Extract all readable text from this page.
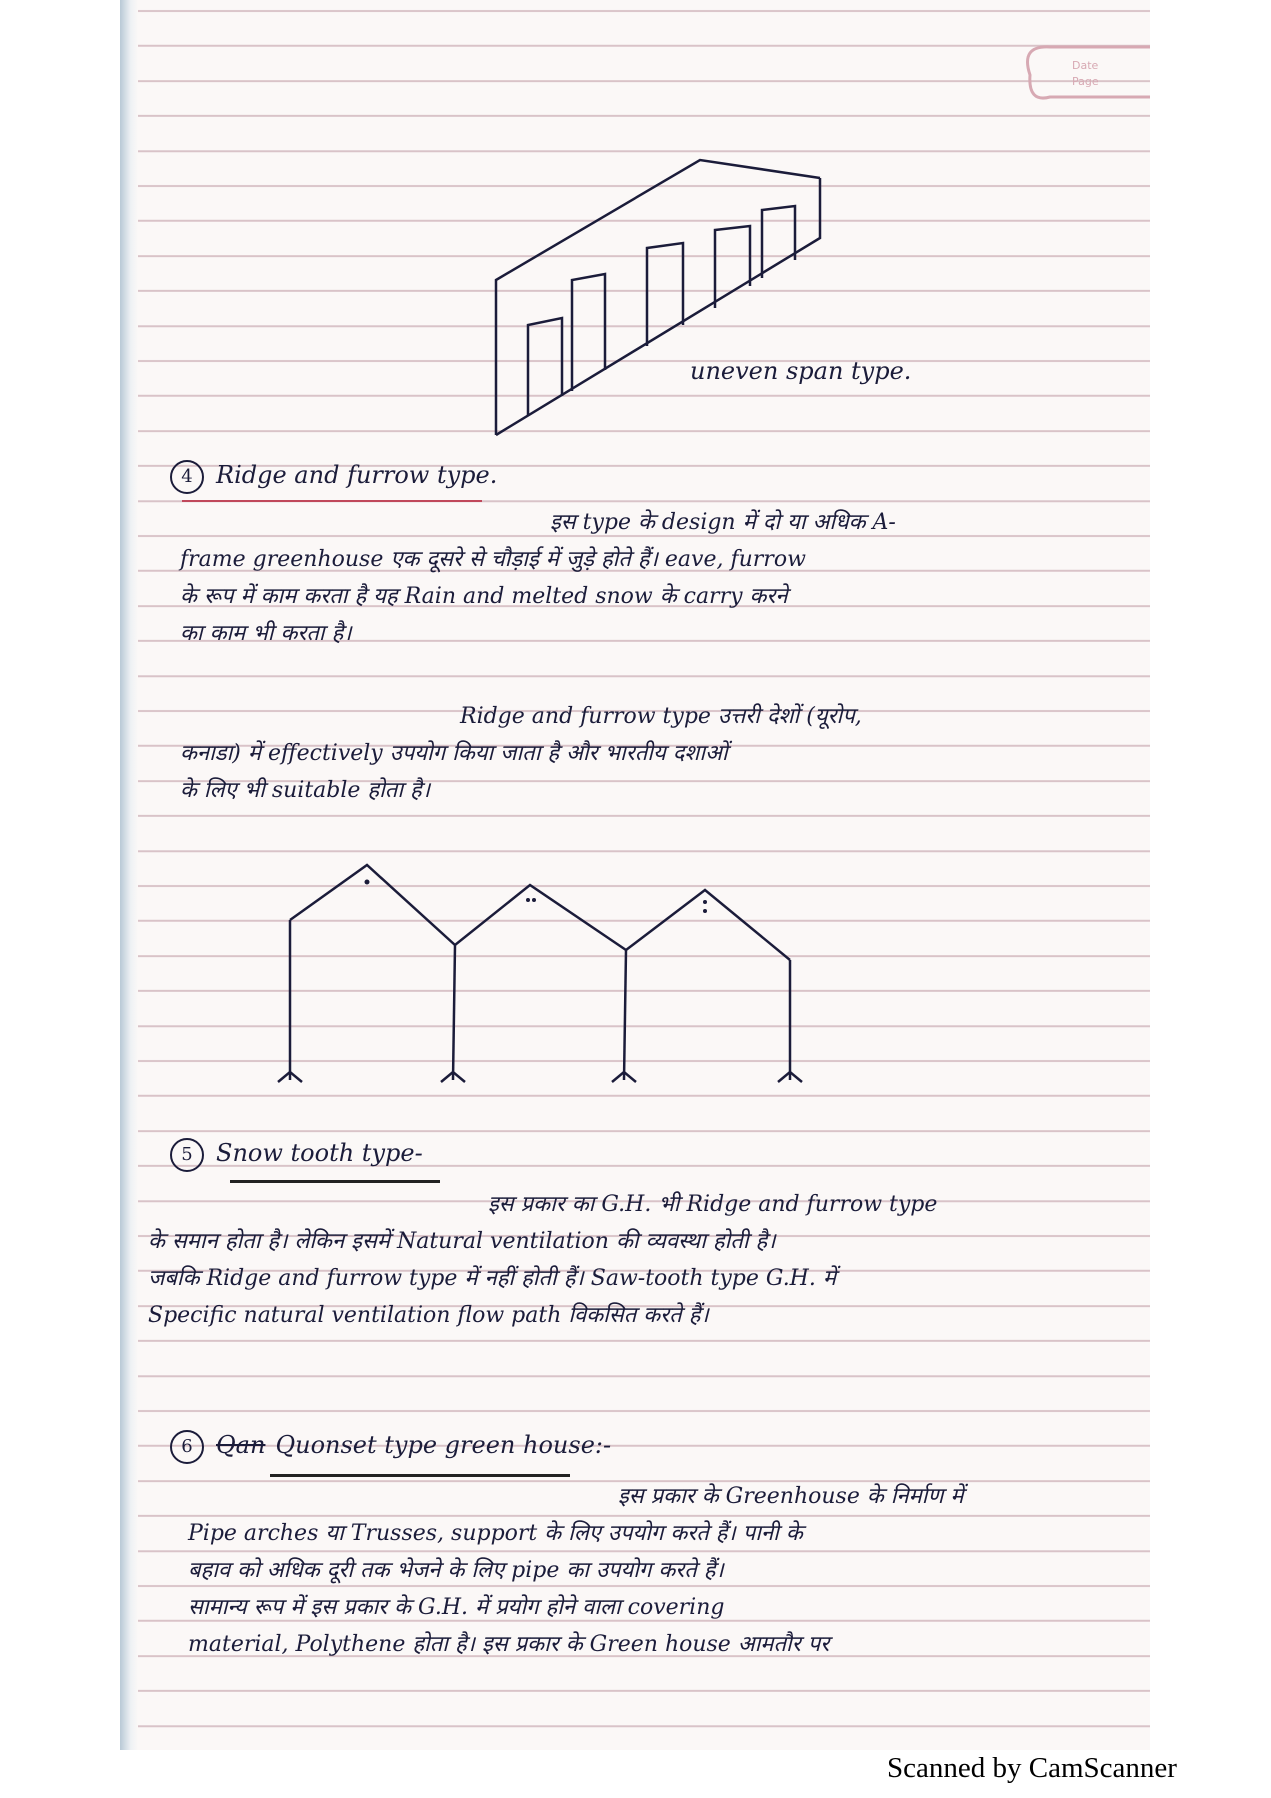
Date
Page
uneven span type.
4 Ridge and furrow type.
इस type के design में दो या अधिक A-
frame greenhouse एक दूसरे से चौड़ाई में जुड़े होते हैं। eave, furrow
के रूप में काम करता है यह Rain and melted snow के carry करने
का काम भी करता है।
Ridge and furrow type उत्तरी देशों (यूरोप,
कनाडा) में effectively उपयोग किया जाता है और भारतीय दशाओं
के लिए भी suitable होता है।
5 Snow tooth type-
इस प्रकार का G.H. भी Ridge and furrow type
के समान होता है। लेकिन इसमें Natural ventilation की व्यवस्था होती है।
जबकि Ridge and furrow type में नहीं होती हैं। Saw-tooth type G.H. में
Specific natural ventilation flow path विकसित करते हैं।
6 Qan Quonset type green house:-
इस प्रकार के Greenhouse के निर्माण में
Pipe arches या Trusses, support के लिए उपयोग करते हैं। पानी के
बहाव को अधिक दूरी तक भेजने के लिए pipe का उपयोग करते हैं।
सामान्य रूप में इस प्रकार के G.H. में प्रयोग होने वाला covering
material, Polythene होता है। इस प्रकार के Green house आमतौर पर
Scanned by CamScanner
